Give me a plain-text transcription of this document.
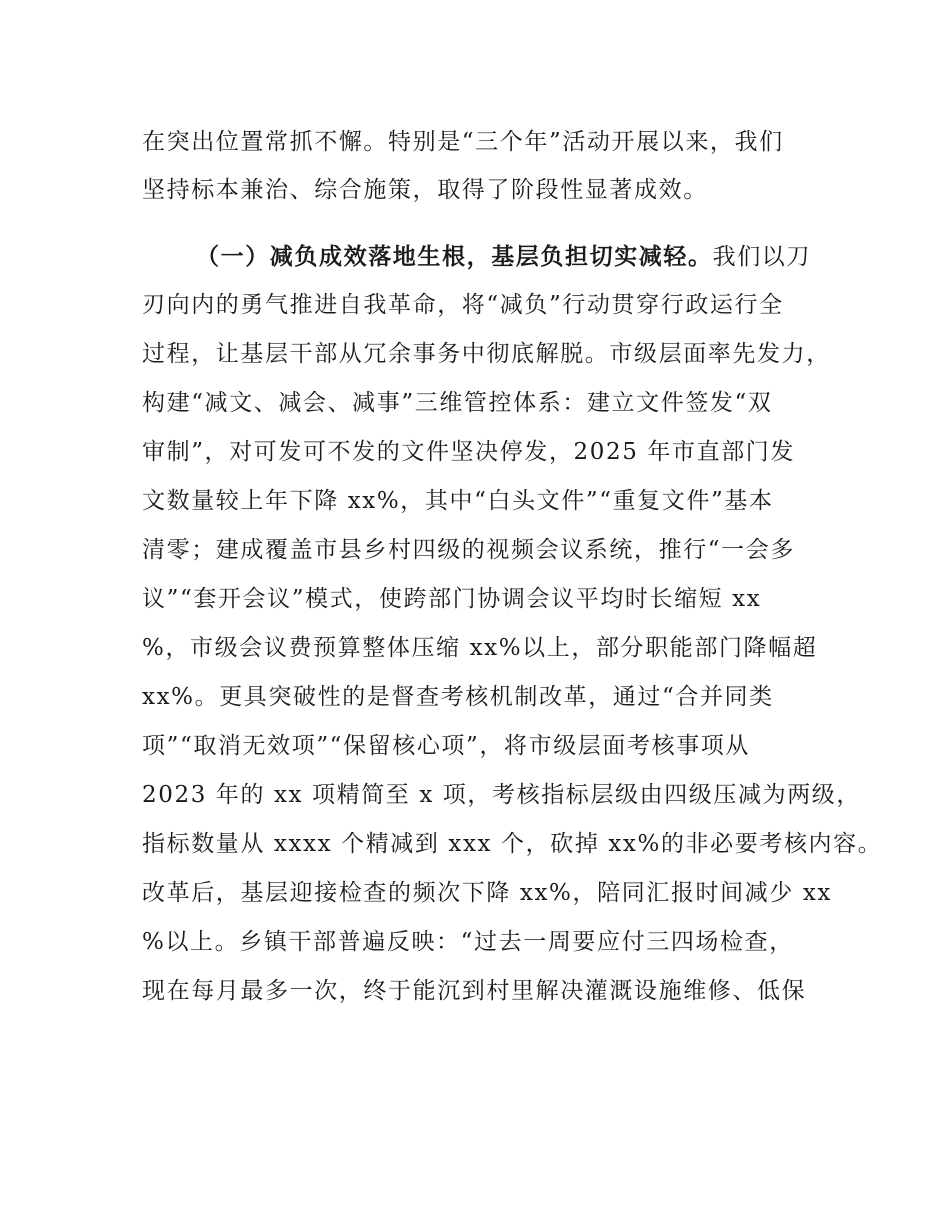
在突出位置常抓不懈。特别是“三个年”活动开展以来，我们
坚持标本兼治、综合施策，取得了阶段性显著成效。
（一）减负成效落地生根，基层负担切实减轻。我们以刀
刃向内的勇气推进自我革命，将“减负”行动贯穿行政运行全
过程，让基层干部从冗余事务中彻底解脱。市级层面率先发力，
构建“减文、减会、减事”三维管控体系：建立文件签发“双
审制”，对可发可不发的文件坚决停发，2025 年市直部门发
文数量较上年下降 xx%，其中“白头文件”“重复文件”基本
清零；建成覆盖市县乡村四级的视频会议系统，推行“一会多
议”“套开会议”模式，使跨部门协调会议平均时长缩短 xx
%，市级会议费预算整体压缩 xx%以上，部分职能部门降幅超
xx%。更具突破性的是督查考核机制改革，通过“合并同类
项”“取消无效项”“保留核心项”，将市级层面考核事项从
2023 年的 xx 项精简至 x 项，考核指标层级由四级压减为两级，
指标数量从 xxxx 个精减到 xxx 个，砍掉 xx%的非必要考核内容。
改革后，基层迎接检查的频次下降 xx%，陪同汇报时间减少 xx
%以上。乡镇干部普遍反映：“过去一周要应付三四场检查，
现在每月最多一次，终于能沉到村里解决灌溉设施维修、低保
